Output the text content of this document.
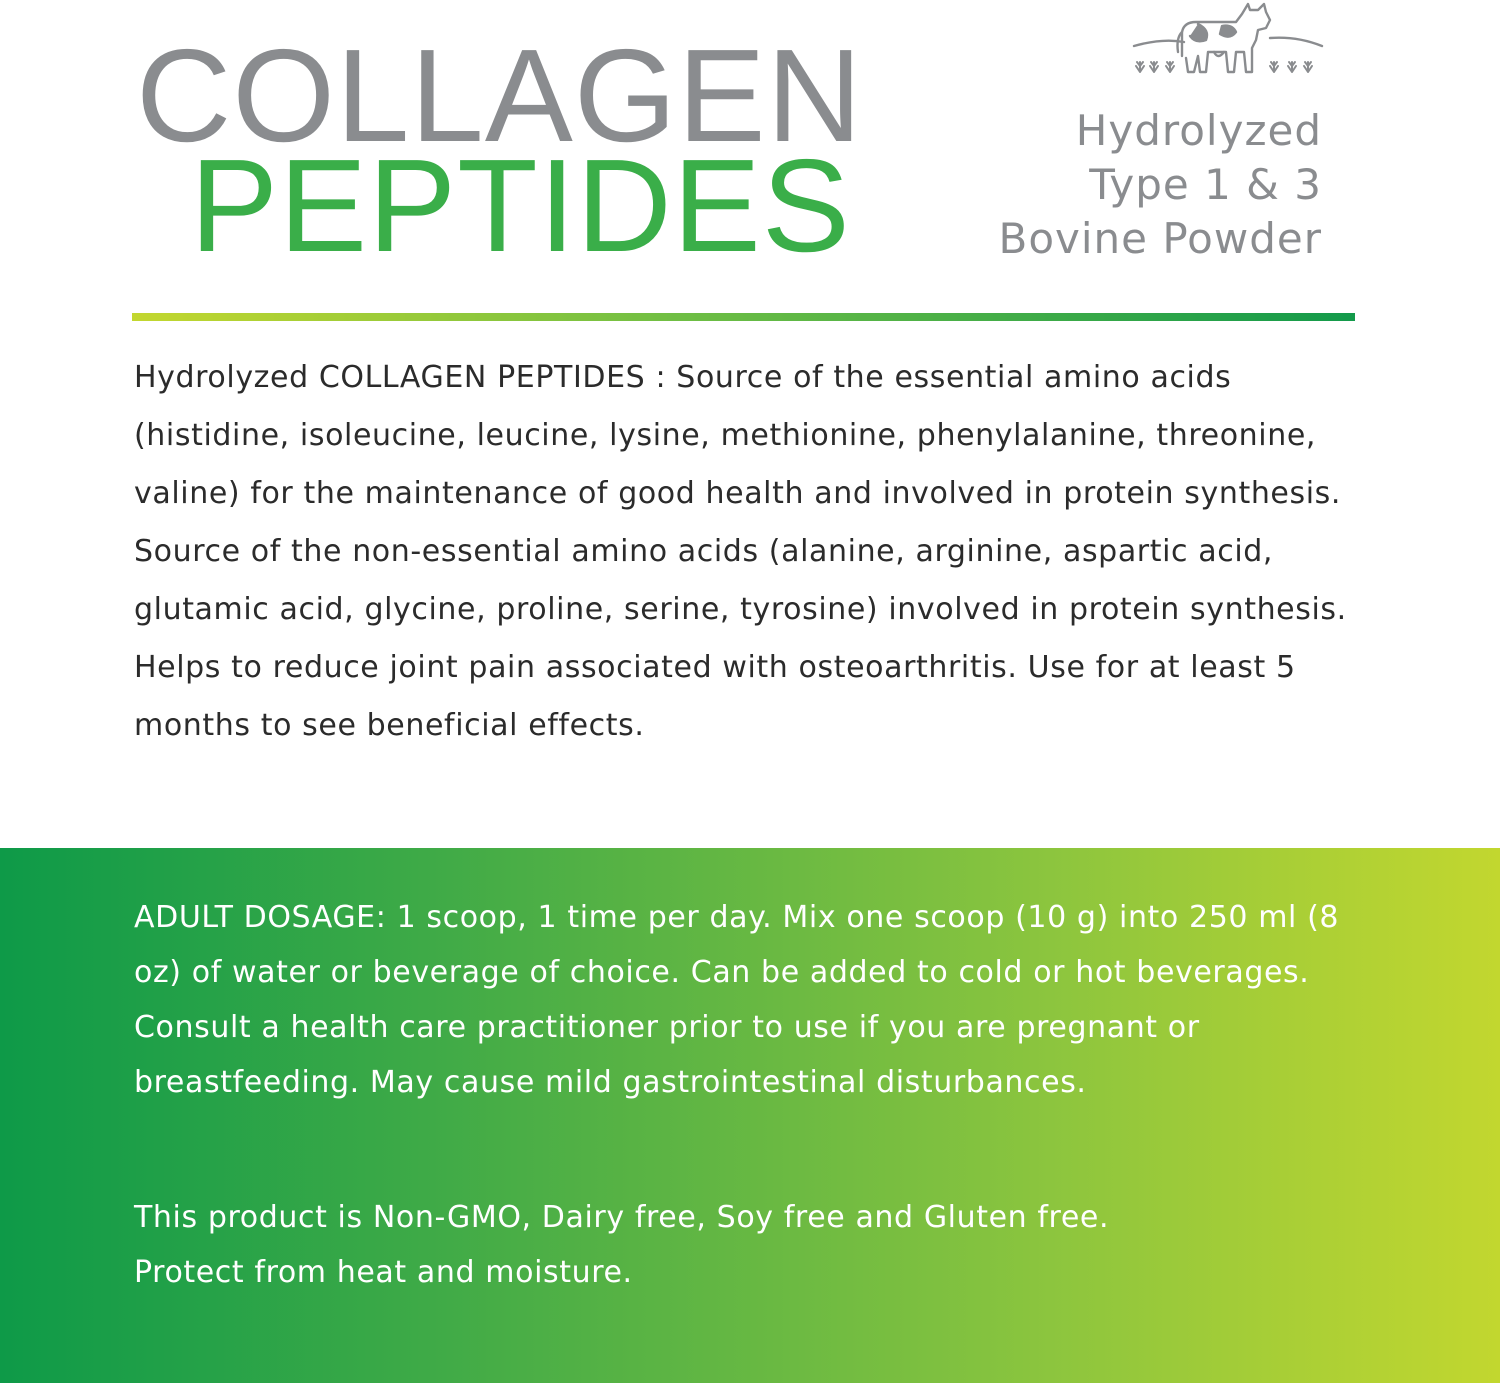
COLLAGEN
PEPTIDES
Hydrolyzed
Type 1 & 3
Bovine Powder
Hydrolyzed COLLAGEN PEPTIDES : Source of the essential amino acids (histidine, isoleucine, leucine, lysine, methionine, phenylalanine, threonine, valine) for the maintenance of good health and involved in protein synthesis. Source of the non-essential amino acids (alanine, arginine, aspartic acid, glutamic acid, glycine, proline, serine, tyrosine) involved in protein synthesis. Helps to reduce joint pain associated with osteoarthritis. Use for at least 5 months to see beneficial effects.
ADULT DOSAGE: 1 scoop, 1 time per day. Mix one scoop (10 g) into 250 ml (8 oz) of water or beverage of choice. Can be added to cold or hot beverages. Consult a health care practitioner prior to use if you are pregnant or breastfeeding. May cause mild gastrointestinal disturbances.
This product is Non-GMO, Dairy free, Soy free and Gluten free.
Protect from heat and moisture.
